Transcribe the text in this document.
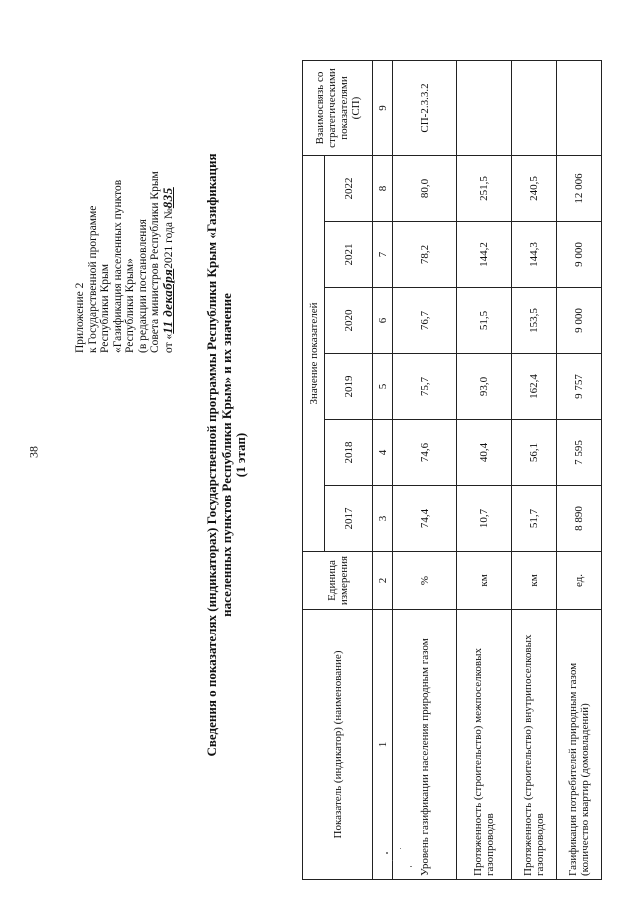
38
Приложение 2 к Государственной программе Республики Крым «Газификация населенных пунктов Республики Крым» (в редакции постановления Совета министров Республики Крым от «11 декабря2021 года №835 Сведения о показателях (индикаторах) Государственной программы Республики Крым «Газификация населенных пунктов Республики Крым» и их значение (1 этап)
Показатель (индикатор) (наименование)	Единица измерения	Значение показателей						Взаимосвязь со стратегическими показателями (СП)
		2017	2018	2019	2020	2021	2022	
1	2	3	4	5	6	7	8	9
Уровень газификации населения природным газом	%	74,4	74,6	75,7	76,7	78,2	80,0	СП-2.3.3.2
Протяженность (строительство) межпоселковых газопроводов	км	10,7	40,4	93,0	51,5	144,2	251,5	
Протяженность (строительство) внутрипоселковых газопроводов	км	51,7	56,1	162,4	153,5	144,3	240,5	
Газификация потребителей природным газом (количество квартир (домовладений)	ед.	8 890	7 595	9 757	9 000	9 000	12 006	
